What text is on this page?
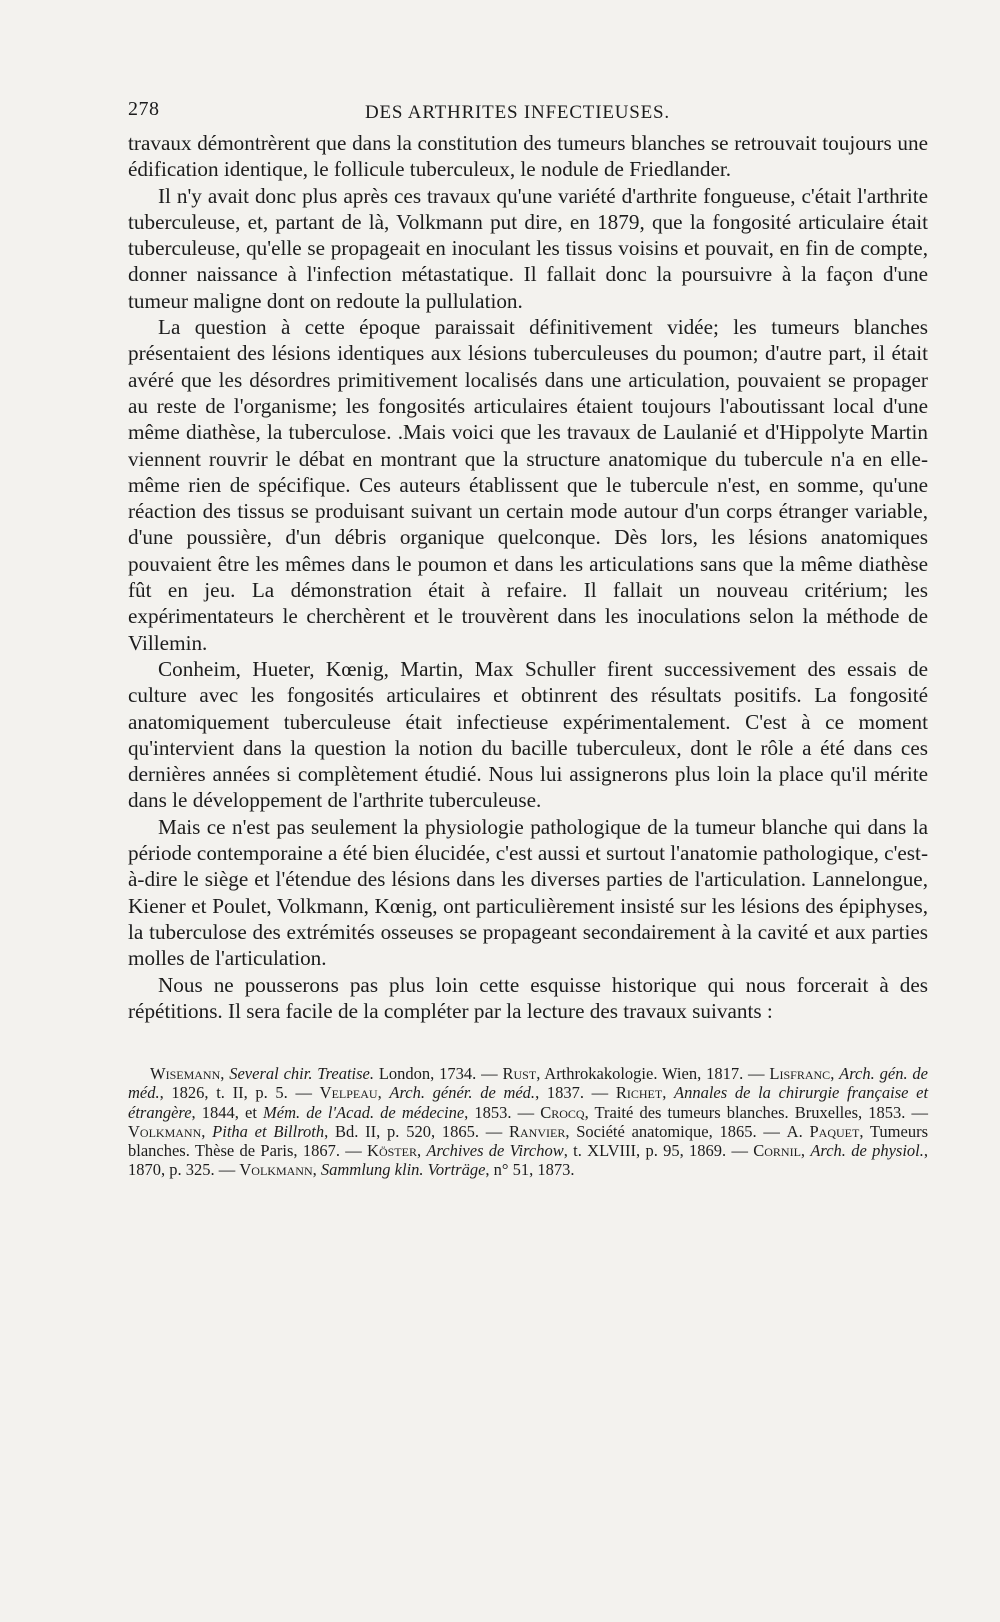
278	DES ARTHRITES INFECTIEUSES.

travaux démontrèrent que dans la constitution des tumeurs blanches se retrouvait toujours une édification identique, le follicule tuberculeux, le nodule de Friedlander.

Il n'y avait donc plus après ces travaux qu'une variété d'arthrite fongueuse, c'était l'arthrite tuberculeuse, et, partant de là, Volkmann put dire, en 1879, que la fongosité articulaire était tuberculeuse, qu'elle se propageait en inoculant les tissus voisins et pouvait, en fin de compte, donner naissance à l'infection métastatique. Il fallait donc la poursuivre à la façon d'une tumeur maligne dont on redoute la pullulation.

La question à cette époque paraissait définitivement vidée; les tumeurs blanches présentaient des lésions identiques aux lésions tuberculeuses du poumon; d'autre part, il était avéré que les désordres primitivement localisés dans une articulation, pouvaient se propager au reste de l'organisme; les fongosités articulaires étaient toujours l'aboutissant local d'une même diathèse, la tuberculose. .Mais voici que les travaux de Laulanié et d'Hippolyte Martin viennent rouvrir le débat en montrant que la structure anatomique du tubercule n'a en elle-même rien de spécifique. Ces auteurs établissent que le tubercule n'est, en somme, qu'une réaction des tissus se produisant suivant un certain mode autour d'un corps étranger variable, d'une poussière, d'un débris organique quelconque. Dès lors, les lésions anatomiques pouvaient être les mêmes dans le poumon et dans les articulations sans que la même diathèse fût en jeu. La démonstration était à refaire. Il fallait un nouveau critérium; les expérimentateurs le cherchèrent et le trouvèrent dans les inoculations selon la méthode de Villemin.

Conheim, Hueter, Kœnig, Martin, Max Schuller firent successivement des essais de culture avec les fongosités articulaires et obtinrent des résultats positifs. La fongosité anatomiquement tuberculeuse était infectieuse expérimentalement. C'est à ce moment qu'intervient dans la question la notion du bacille tuberculeux, dont le rôle a été dans ces dernières années si complètement étudié. Nous lui assignerons plus loin la place qu'il mérite dans le développement de l'arthrite tuberculeuse.

Mais ce n'est pas seulement la physiologie pathologique de la tumeur blanche qui dans la période contemporaine a été bien élucidée, c'est aussi et surtout l'anatomie pathologique, c'est-à-dire le siège et l'étendue des lésions dans les diverses parties de l'articulation. Lannelongue, Kiener et Poulet, Volkmann, Kœnig, ont particulièrement insisté sur les lésions des épiphyses, la tuberculose des extrémités osseuses se propageant secondairement à la cavité et aux parties molles de l'articulation.

Nous ne pousserons pas plus loin cette esquisse historique qui nous forcerait à des répétitions. Il sera facile de la compléter par la lecture des travaux suivants :

Wisemann, Several chir. Treatise. London, 1734. — Rust, Arthrokakologie. Wien, 1817. — Lisfranc, Arch. gén. de méd., 1826, t. II, p. 5. — Velpeau, Arch. génér. de méd., 1837. — Richet, Annales de la chirurgie française et étrangère, 1844, et Mém. de l'Acad. de médecine, 1853. — Crocq, Traité des tumeurs blanches. Bruxelles, 1853. — Volkmann, Pitha et Billroth, Bd. II, p. 520, 1865. — Ranvier, Société anatomique, 1865. — A. Paquet, Tumeurs blanches. Thèse de Paris, 1867. — Köster, Archives de Virchow, t. XLVIII, p. 95, 1869. — Cornil, Arch. de physiol., 1870, p. 325. — Volkmann, Sammlung klin. Vorträge, n° 51, 1873.
